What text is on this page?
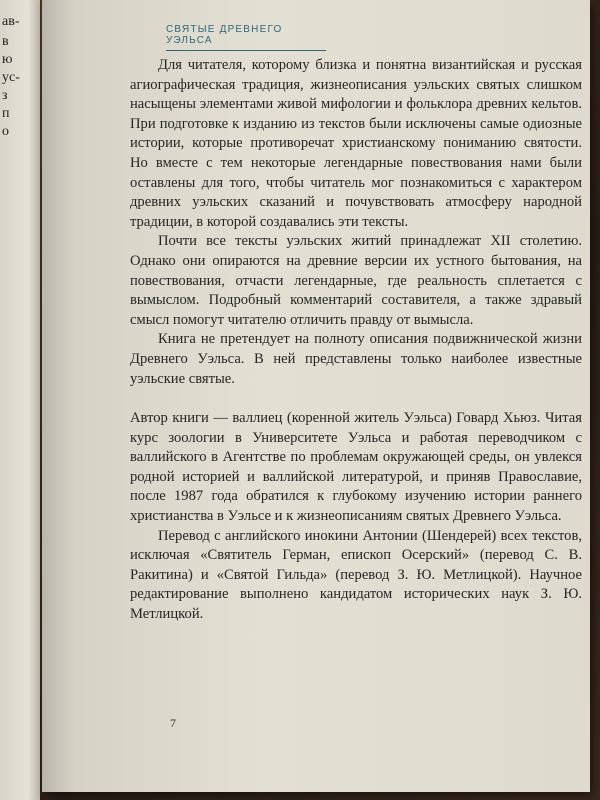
ав-
в
ю
ус-
з
п
о
СВЯТЫЕ ДРЕВНЕГО УЭЛЬСА

Для читателя, которому близка и понятна византийская и русская агиографическая традиция, жизнеописания уэльских святых слишком насыщены элементами живой мифологии и фольклора древних кельтов. При подготовке к изданию из текстов были исключены самые одиозные истории, которые противоречат христианскому пониманию святости. Но вместе с тем некоторые легендарные повествования нами были оставлены для того, чтобы читатель мог познакомиться с характером древних уэльских сказаний и почувствовать атмосферу народной традиции, в которой создавались эти тексты.

Почти все тексты уэльских житий принадлежат XII столетию. Однако они опираются на древние версии их устного бытования, на повествования, отчасти легендарные, где реальность сплетается с вымыслом. Подробный комментарий составителя, а также здравый смысл помогут читателю отличить правду от вымысла.

Книга не претендует на полноту описания подвижнической жизни Древнего Уэльса. В ней представлены только наиболее известные уэльские святые.

Автор книги — валлиец (коренной житель Уэльса) Говард Хьюз. Читая курс зоологии в Университете Уэльса и работая переводчиком с валлийского в Агентстве по проблемам окружающей среды, он увлекся родной историей и валлийской литературой, и приняв Православие, после 1987 года обратился к глубокому изучению истории раннего христианства в Уэльсе и к жизнеописаниям святых Древнего Уэльса.

Перевод с английского инокини Антонии (Шендерей) всех текстов, исключая «Святитель Герман, епископ Осерский» (перевод С. В. Ракитина) и «Святой Гильда» (перевод З. Ю. Метлицкой). Научное редактирование выполнено кандидатом исторических наук З. Ю. Метлицкой.

7
